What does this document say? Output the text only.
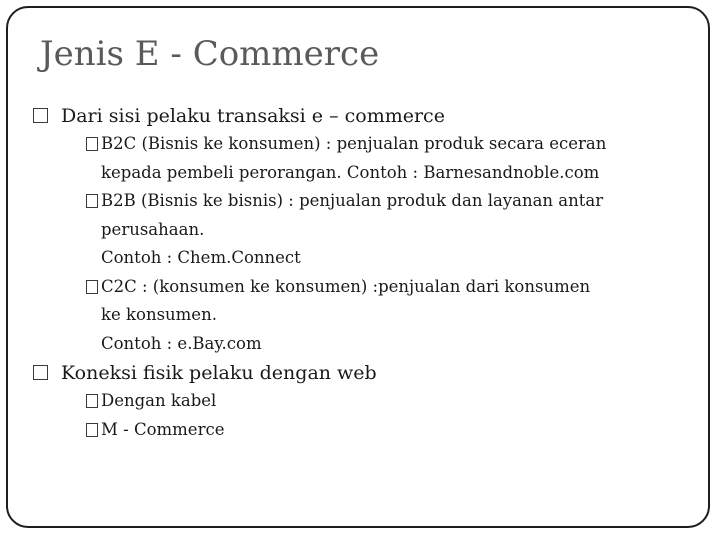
Jenis E - Commerce
Dari sisi pelaku transaksi e – commerce
B2C (Bisnis ke konsumen) : penjualan produk secara eceran
kepada pembeli perorangan. Contoh : Barnesandnoble.com
B2B (Bisnis ke bisnis) : penjualan produk dan layanan antar
perusahaan.
Contoh : Chem.Connect
C2C : (konsumen ke konsumen) :penjualan dari konsumen
ke konsumen.
Contoh : e.Bay.com
Koneksi fisik pelaku dengan web
Dengan kabel
M - Commerce
